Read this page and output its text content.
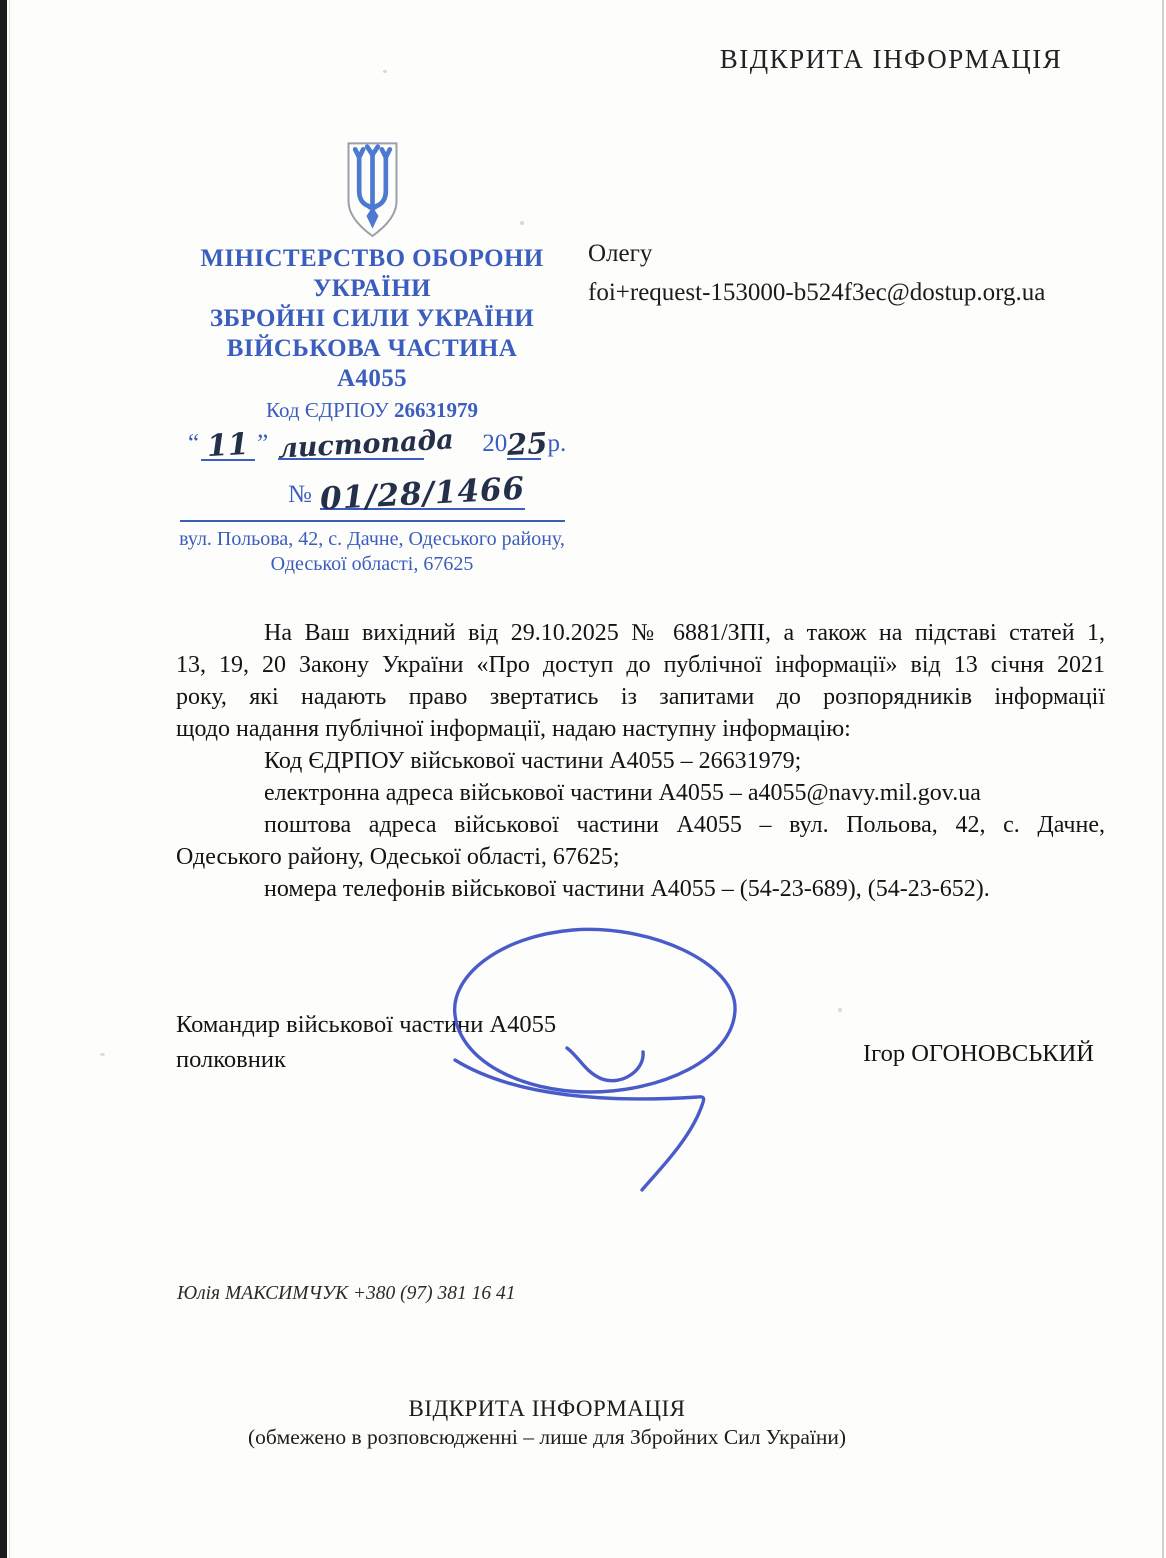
ВІДКРИТА ІНФОРМАЦІЯ
МІНІСТЕРСТВО ОБОРОНИ
УКРАЇНИ
ЗБРОЙНІ СИЛИ УКРАЇНИ
ВІЙСЬКОВА ЧАСТИНА
А4055
Код ЄДРПОУ 26631979
Олегу
foi+request-153000-b524f3ec@dostup.org.ua
“ 11 ” листопада 2025 р.
№ 01/28/1466
вул. Польова, 42, с. Дачне, Одеського району,
Одеської області, 67625
На Ваш вихідний від 29.10.2025 № 6881/ЗПІ, а також на підставі статей 1,
13, 19, 20 Закону України «Про доступ до публічної інформації» від 13 січня 2021
року, які надають право звертатись із запитами до розпорядників інформації
щодо надання публічної інформації, надаю наступну інформацію:
Код ЄДРПОУ військової частини А4055 – 26631979;
електронна адреса військової частини А4055 – a4055@navy.mil.gov.ua
поштова адреса військової частини А4055 – вул. Польова, 42, с. Дачне,
Одеського району, Одеської області, 67625;
номера телефонів військової частини А4055 – (54-23-689), (54-23-652).
Командир військової частини А4055
полковник	Ігор ОГОНОВСЬКИЙ
Юлія МАКСИМЧУК +380 (97) 381 16 41
ВІДКРИТА ІНФОРМАЦІЯ
(обмежено в розповсюдженні – лише для Збройних Сил України)
